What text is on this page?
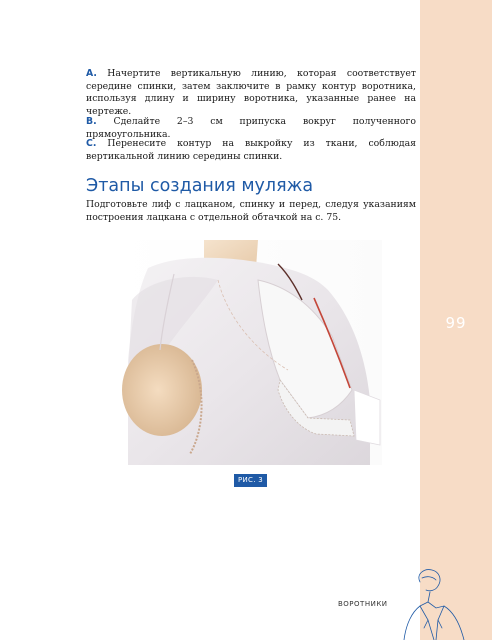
99

A. Начертите вертикальную линию, которая соответствует середине спинки, затем заключите в рамку контур воротника, используя длину и ширину воротника, указанные ранее на чертеже.

B. Сделайте 2–3 см припуска вокруг полученного прямоугольника.

C. Перенесите контур на выкройку из ткани, соблюдая вертикальной линию середины спинки.

Этапы создания муляжа

Подготовьте лиф с лацканом, спинку и перед, следуя указаниям построения лацкана с отдельной обтачкой на с. 75.

РИС. 3
ВОРОТНИКИ
